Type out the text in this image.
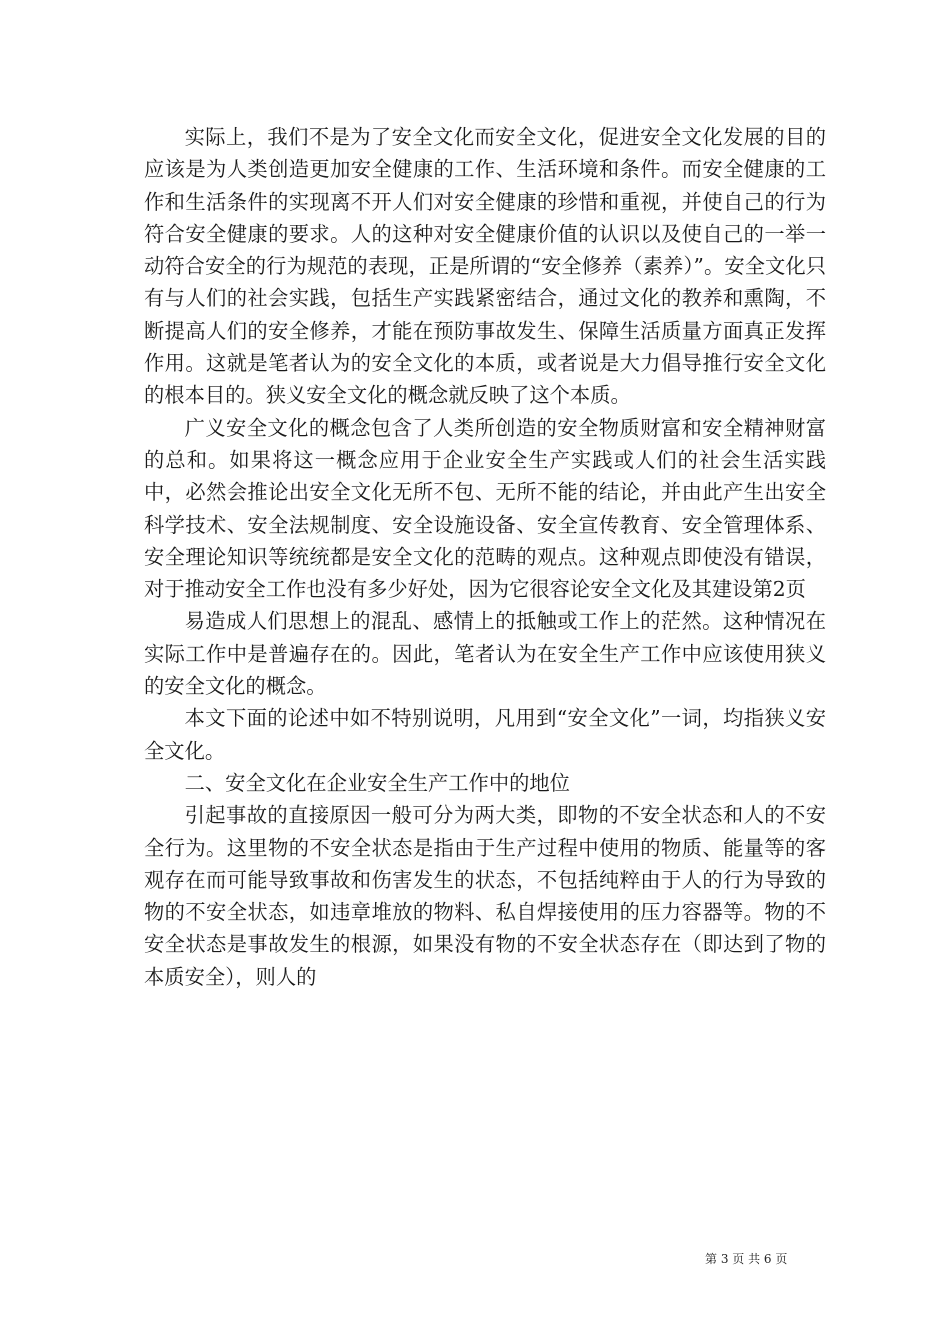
实际上，我们不是为了安全文化而安全文化，促进安全文化发展的目的应该是为人类创造更加安全健康的工作、生活环境和条件。而安全健康的工作和生活条件的实现离不开人们对安全健康的珍惜和重视，并使自己的行为符合安全健康的要求。人的这种对安全健康价值的认识以及使自己的一举一动符合安全的行为规范的表现，正是所谓的“安全修养（素养）”。安全文化只有与人们的社会实践，包括生产实践紧密结合，通过文化的教养和熏陶，不断提高人们的安全修养，才能在预防事故发生、保障生活质量方面真正发挥作用。这就是笔者认为的安全文化的本质，或者说是大力倡导推行安全文化的根本目的。狭义安全文化的概念就反映了这个本质。

广义安全文化的概念包含了人类所创造的安全物质财富和安全精神财富的总和。如果将这一概念应用于企业安全生产实践或人们的社会生活实践中，必然会推论出安全文化无所不包、无所不能的结论，并由此产生出安全科学技术、安全法规制度、安全设施设备、安全宣传教育、安全管理体系、安全理论知识等统统都是安全文化的范畴的观点。这种观点即使没有错误，对于推动安全工作也没有多少好处，因为它很容论安全文化及其建设第2页

易造成人们思想上的混乱、感情上的抵触或工作上的茫然。这种情况在实际工作中是普遍存在的。因此，笔者认为在安全生产工作中应该使用狭义的安全文化的概念。

本文下面的论述中如不特别说明，凡用到“安全文化”一词，均指狭义安全文化。

二、安全文化在企业安全生产工作中的地位

引起事故的直接原因一般可分为两大类，即物的不安全状态和人的不安全行为。这里物的不安全状态是指由于生产过程中使用的物质、能量等的客观存在而可能导致事故和伤害发生的状态，不包括纯粹由于人的行为导致的物的不安全状态，如违章堆放的物料、私自焊接使用的压力容器等。物的不安全状态是事故发生的根源，如果没有物的不安全状态存在（即达到了物的本质安全），则人的

第 3 页 共 6 页
